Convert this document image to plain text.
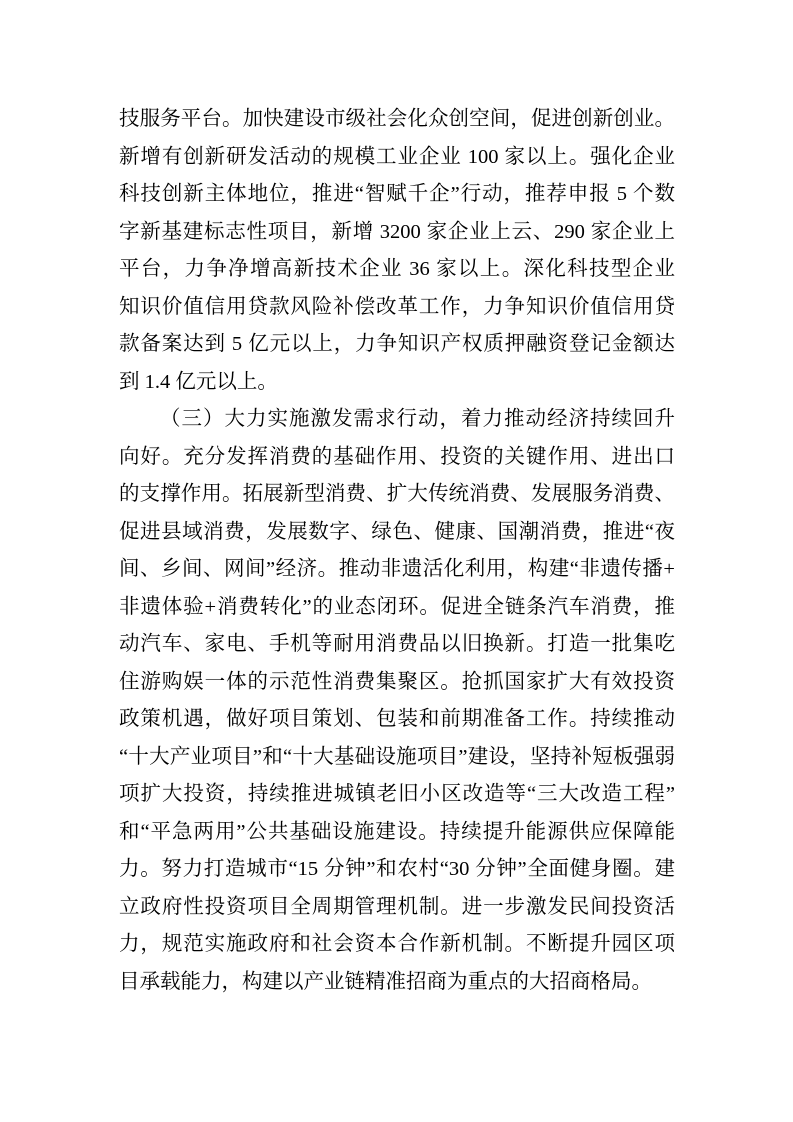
技服务平台。加快建设市级社会化众创空间，促进创新创业。
新增有创新研发活动的规模工业企业 100 家以上。强化企业
科技创新主体地位，推进“智赋千企”行动，推荐申报 5 个数
字新基建标志性项目，新增 3200 家企业上云、290 家企业上
平台，力争净增高新技术企业 36 家以上。深化科技型企业
知识价值信用贷款风险补偿改革工作，力争知识价值信用贷
款备案达到 5 亿元以上，力争知识产权质押融资登记金额达
到 1.4 亿元以上。
（三）大力实施激发需求行动，着力推动经济持续回升
向好。充分发挥消费的基础作用、投资的关键作用、进出口
的支撑作用。拓展新型消费、扩大传统消费、发展服务消费、
促进县域消费，发展数字、绿色、健康、国潮消费，推进“夜
间、乡间、网间”经济。推动非遗活化利用，构建“非遗传播+
非遗体验+消费转化”的业态闭环。促进全链条汽车消费，推
动汽车、家电、手机等耐用消费品以旧换新。打造一批集吃
住游购娱一体的示范性消费集聚区。抢抓国家扩大有效投资
政策机遇，做好项目策划、包装和前期准备工作。持续推动
“十大产业项目”和“十大基础设施项目”建设，坚持补短板强弱
项扩大投资，持续推进城镇老旧小区改造等“三大改造工程”
和“平急两用”公共基础设施建设。持续提升能源供应保障能
力。努力打造城市“15 分钟”和农村“30 分钟”全面健身圈。建
立政府性投资项目全周期管理机制。进一步激发民间投资活
力，规范实施政府和社会资本合作新机制。不断提升园区项
目承载能力，构建以产业链精准招商为重点的大招商格局。
